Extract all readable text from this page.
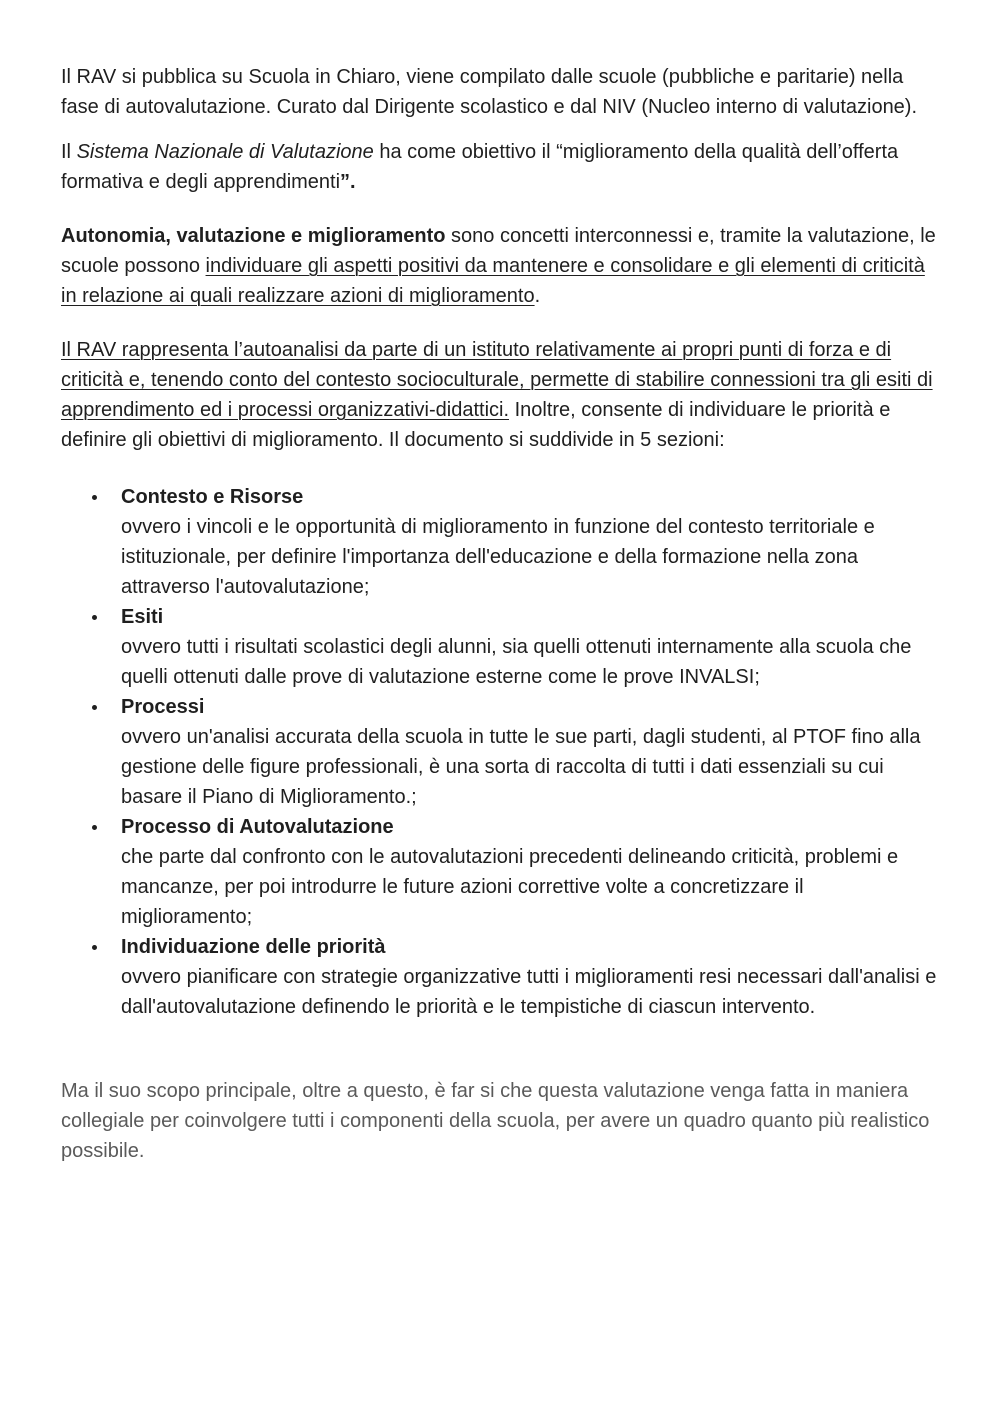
Il RAV si pubblica su Scuola in Chiaro, viene compilato dalle scuole (pubbliche e paritarie) nella fase di autovalutazione. Curato dal Dirigente scolastico e dal NIV (Nucleo interno di valutazione).

Il Sistema Nazionale di Valutazione ha come obiettivo il “miglioramento della qualità dell’offerta formativa e degli apprendimenti”.

Autonomia, valutazione e miglioramento sono concetti interconnessi e, tramite la valutazione, le scuole possono individuare gli aspetti positivi da mantenere e consolidare e gli elementi di criticità in relazione ai quali realizzare azioni di miglioramento.

Il RAV rappresenta l’autoanalisi da parte di un istituto relativamente ai propri punti di forza e di criticità e, tenendo conto del contesto socioculturale, permette di stabilire connessioni tra gli esiti di apprendimento ed i processi organizzativi-didattici. Inoltre, consente di individuare le priorità e definire gli obiettivi di miglioramento. Il documento si suddivide in 5 sezioni:

Contesto e Risorse
ovvero i vincoli e le opportunità di miglioramento in funzione del contesto territoriale e istituzionale, per definire l'importanza dell'educazione e della formazione nella zona attraverso l'autovalutazione;
Esiti
ovvero tutti i risultati scolastici degli alunni, sia quelli ottenuti internamente alla scuola che quelli ottenuti dalle prove di valutazione esterne come le prove INVALSI;
Processi
ovvero un'analisi accurata della scuola in tutte le sue parti, dagli studenti, al PTOF fino alla gestione delle figure professionali, è una sorta di raccolta di tutti i dati essenziali su cui basare il Piano di Miglioramento.;
Processo di Autovalutazione
che parte dal confronto con le autovalutazioni precedenti delineando criticità, problemi e mancanze, per poi introdurre le future azioni correttive volte a concretizzare il miglioramento;
Individuazione delle priorità
ovvero pianificare con strategie organizzative tutti i miglioramenti resi necessari dall'analisi e dall'autovalutazione definendo le priorità e le tempistiche di ciascun intervento.

Ma il suo scopo principale, oltre a questo, è far si che questa valutazione venga fatta in maniera collegiale per coinvolgere tutti i componenti della scuola, per avere un quadro quanto più realistico possibile.
